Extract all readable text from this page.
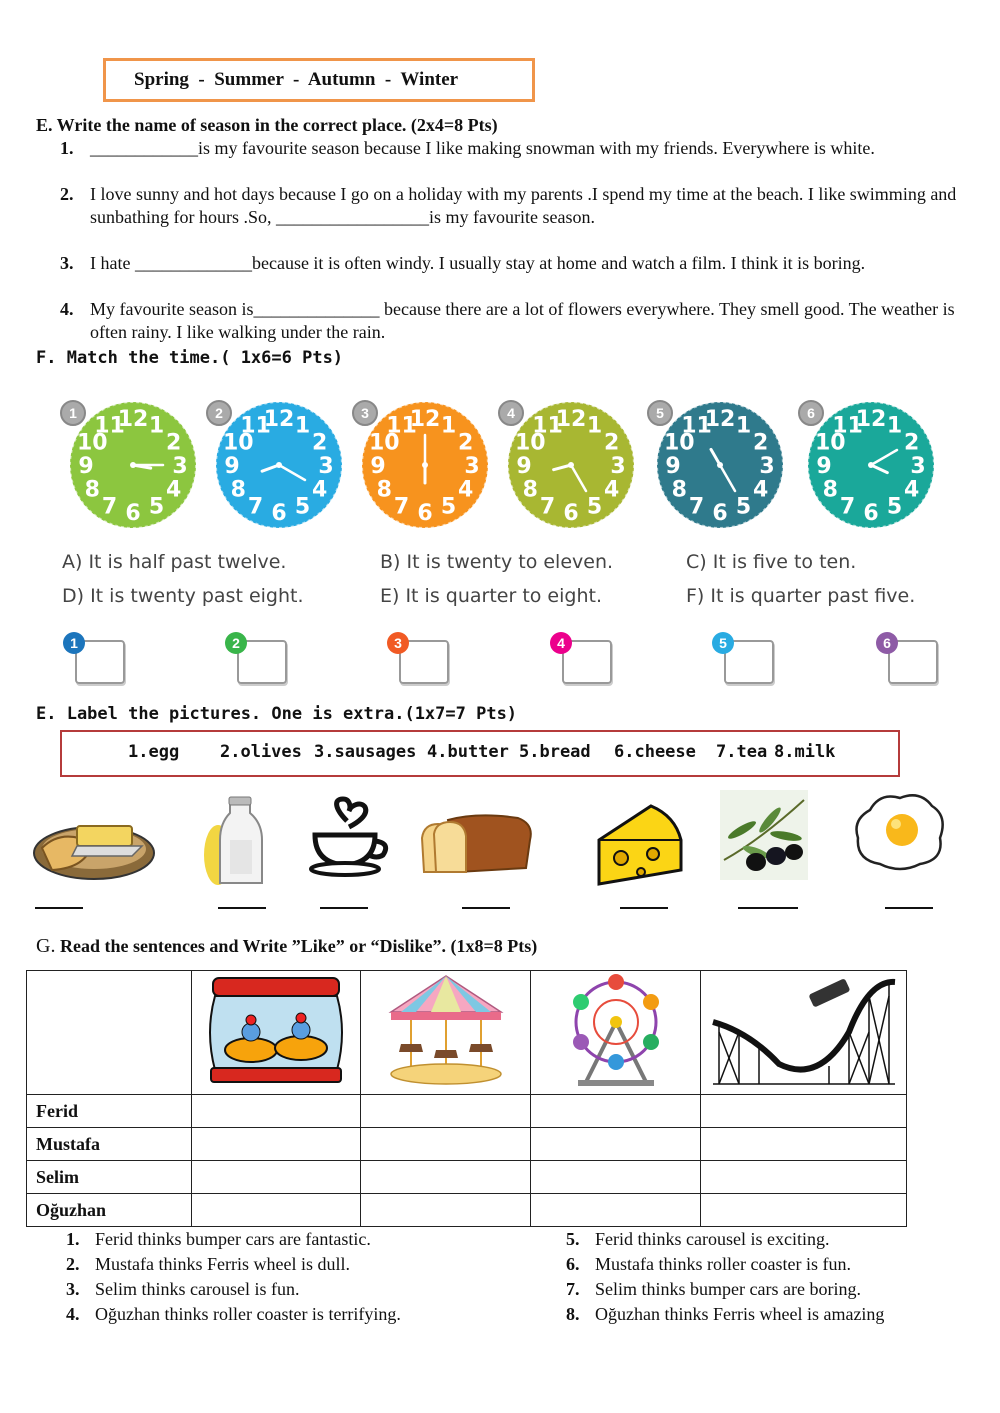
Spring  -  Summer  -  Autumn  -  Winter
E. Write the name of season in the correct place. (2x4=8 Pts)
1. ____________is my favourite season because I like making snowman with my friends. Everywhere is white.
2. I love sunny and hot days because I go on a holiday with my parents .I spend my time at the beach. I like swimming and sunbathing for hours .So, _________________is my favourite season.
3. I hate _____________because it is often windy. I usually stay at home and watch a film. I think it is boring.
4. My favourite season is______________ because there are a lot of flowers everywhere. They smell good. The weather is often rainy. I like walking under the rain.
F. Match the time.( 1x6=6 Pts)
1
2
3
4
5
6
7
8
9
10
11
12
1
1
2
3
4
5
6
7
8
9
10
11
12
2
1
2
3
4
5
6
7
8
9
10
11
12
3
1
2
3
4
5
6
7
8
9
10
11
12
4
1
2
3
4
5
6
7
8
9
10
11
12
5
1
2
3
4
5
6
7
8
9
10
11
12
6
A) It is half past twelve.	B) It is twenty to eleven.	C) It is five to ten.
D) It is twenty past eight.	E) It is quarter to eight.	F) It is quarter past five.
1	2	3	4	5	6
E. Label the pictures. One is extra.(1x7=7 Pts)
1.egg 2.olives 3.sausages 4.butter 5.bread 6.cheese 7.tea 8.milk
G. Read the sentences and Write ”Like” or “Dislike”. (1x8=8 Pts)

Ferid				
Mustafa				
Selim				
Oğuzhan				
1. Ferid thinks bumper cars are fantastic.
2. Mustafa thinks Ferris wheel is dull.
3. Selim thinks carousel is fun.
4. Oğuzhan thinks roller coaster is terrifying.
5. Ferid thinks carousel is exciting.
6. Mustafa thinks roller coaster is fun.
7. Selim thinks bumper cars are boring.
8. Oğuzhan thinks Ferris wheel is amazing
